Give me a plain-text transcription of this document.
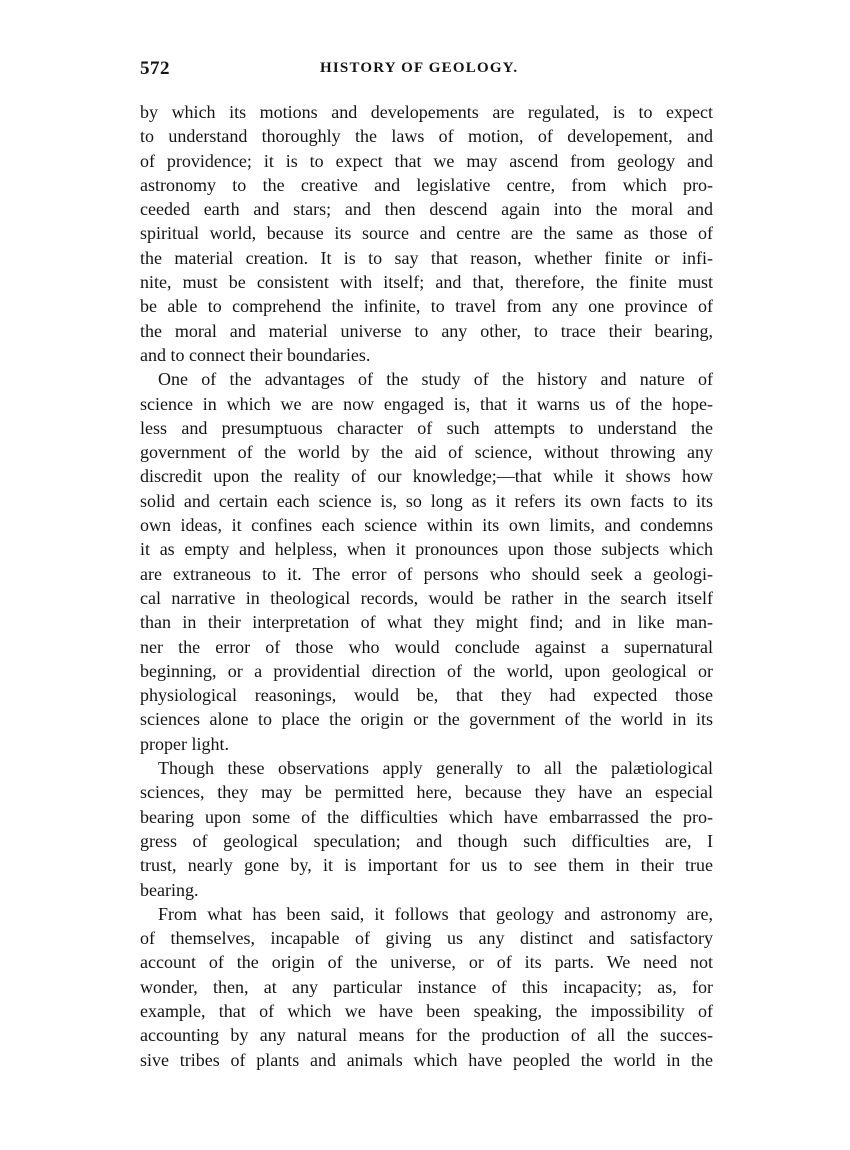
572	HISTORY OF GEOLOGY.

by which its motions and developements are regulated, is to expect
to understand thoroughly the laws of motion, of developement, and
of providence; it is to expect that we may ascend from geology and
astronomy to the creative and legislative centre, from which pro-
ceeded earth and stars; and then descend again into the moral and
spiritual world, because its source and centre are the same as those of
the material creation. It is to say that reason, whether finite or infi-
nite, must be consistent with itself; and that, therefore, the finite must
be able to comprehend the infinite, to travel from any one province of
the moral and material universe to any other, to trace their bearing,
and to connect their boundaries.

One of the advantages of the study of the history and nature of
science in which we are now engaged is, that it warns us of the hope-
less and presumptuous character of such attempts to understand the
government of the world by the aid of science, without throwing any
discredit upon the reality of our knowledge;—that while it shows how
solid and certain each science is, so long as it refers its own facts to its
own ideas, it confines each science within its own limits, and condemns
it as empty and helpless, when it pronounces upon those subjects which
are extraneous to it. The error of persons who should seek a geologi-
cal narrative in theological records, would be rather in the search itself
than in their interpretation of what they might find; and in like man-
ner the error of those who would conclude against a supernatural
beginning, or a providential direction of the world, upon geological or
physiological reasonings, would be, that they had expected those
sciences alone to place the origin or the government of the world in its
proper light.

Though these observations apply generally to all the palætiological
sciences, they may be permitted here, because they have an especial
bearing upon some of the difficulties which have embarrassed the pro-
gress of geological speculation; and though such difficulties are, I
trust, nearly gone by, it is important for us to see them in their true
bearing.

From what has been said, it follows that geology and astronomy are,
of themselves, incapable of giving us any distinct and satisfactory
account of the origin of the universe, or of its parts. We need not
wonder, then, at any particular instance of this incapacity; as, for
example, that of which we have been speaking, the impossibility of
accounting by any natural means for the production of all the succes-
sive tribes of plants and animals which have peopled the world in the
